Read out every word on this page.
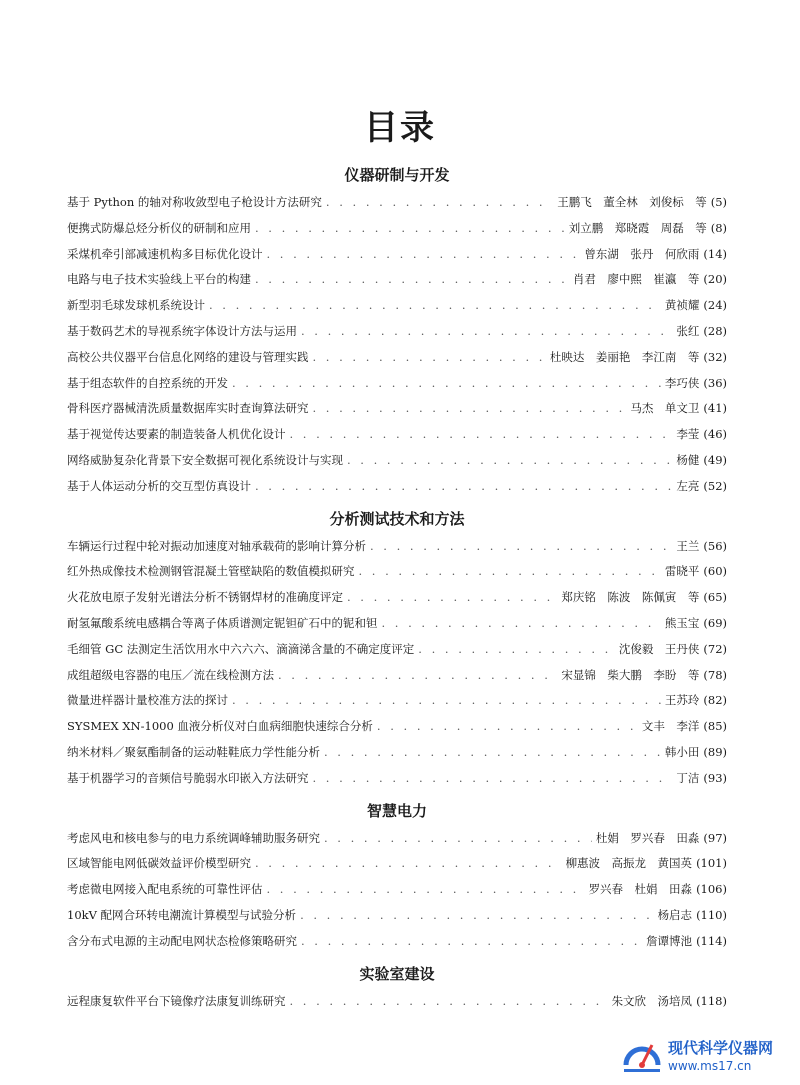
目录
仪器研制与开发
基于 Python 的轴对称收敛型电子枪设计方法研究 . . .	王鹏飞　董全林　刘俊标　等 (5)
便携式防爆总烃分析仪的研制和应用 . . .	刘立鹏　郑晓霞　周磊　等 (8)
采煤机牵引部减速机构多目标优化设计 . . .	曾东湖　张丹　何欣雨 (14)
电路与电子技术实验线上平台的构建 . . .	肖君　廖中熙　崔瀛　等 (20)
新型羽毛球发球机系统设计 . . .	黄祯耀 (24)
基于数码艺术的导视系统字体设计方法与运用 . . .	张红 (28)
高校公共仪器平台信息化网络的建设与管理实践 . . .	杜映达　姜丽艳　李江南　等 (32)
基于组态软件的自控系统的开发 . . .	李巧侠 (36)
骨科医疗器械清洗质量数据库实时查询算法研究 . . .	马杰　单文卫 (41)
基于视觉传达要素的制造装备人机优化设计 . . .	李莹 (46)
网络威胁复杂化背景下安全数据可视化系统设计与实现 . . .	杨健 (49)
基于人体运动分析的交互型仿真设计 . . .	左亮 (52)
分析测试技术和方法
车辆运行过程中轮对振动加速度对轴承载荷的影响计算分析 . . .	王兰 (56)
红外热成像技术检测钢管混凝土管壁缺陷的数值模拟研究 . . .	雷晓平 (60)
火花放电原子发射光谱法分析不锈钢焊材的准确度评定 . . .	郑庆铭　陈波　陈佩寅　等 (65)
耐氢氟酸系统电感耦合等离子体质谱测定铌钽矿石中的铌和钽 . . .	熊玉宝 (69)
毛细管 GC 法测定生活饮用水中六六六、滴滴涕含量的不确定度评定 . . .	沈俊毅　王丹侠 (72)
成组超级电容器的电压／流在线检测方法 . . .	宋显锦　柴大鹏　李盼　等 (78)
微量进样器计量校准方法的探讨 . . .	王苏玲 (82)
SYSMEX XN-1000 血液分析仪对白血病细胞快速综合分析 . . .	文丰　李洋 (85)
纳米材料／聚氨酯制备的运动鞋鞋底力学性能分析 . . .	韩小田 (89)
基于机器学习的音频信号脆弱水印嵌入方法研究 . . .	丁洁 (93)
智慧电力
考虑风电和核电参与的电力系统调峰辅助服务研究 . . .	杜娟　罗兴春　田淼 (97)
区域智能电网低碳效益评价模型研究 . . .	柳惠波　高振龙　黄国英 (101)
考虑微电网接入配电系统的可靠性评估 . . .	罗兴春　杜娟　田淼 (106)
10kV 配网合环转电潮流计算模型与试验分析 . . .	杨启志 (110)
含分布式电源的主动配电网状态检修策略研究 . . .	詹谭博池 (114)
实验室建设
远程康复软件平台下镜像疗法康复训练研究 . . .	朱文欣　汤培凤 (118)
现代科学仪器网
www.ms17.cn
